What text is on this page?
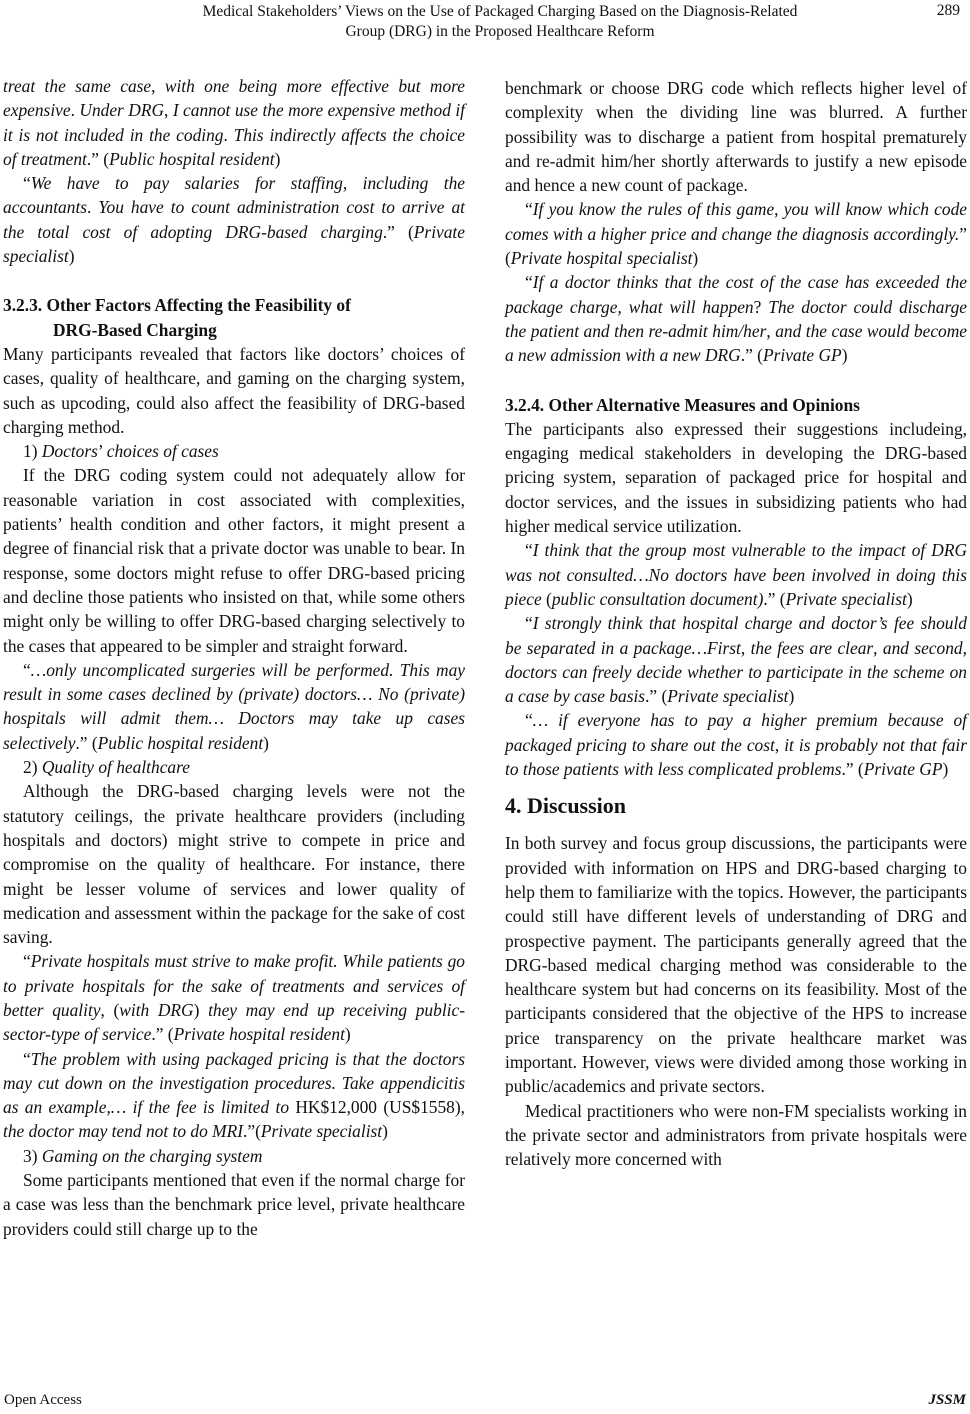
Medical Stakeholders’ Views on the Use of Packaged Charging Based on the Diagnosis-Related
Group (DRG) in the Proposed Healthcare Reform
289

treat the same case, with one being more effective but more expensive. Under DRG, I cannot use the more expensive method if it is not included in the coding. This indirectly affects the choice of treatment.” (Public hospital resident)

“We have to pay salaries for staffing, including the accountants. You have to count administration cost to arrive at the total cost of adopting DRG-based charging.” (Private specialist)

3.2.3. Other Factors Affecting the Feasibility of
DRG-Based Charging

Many participants revealed that factors like doctors’ choices of cases, quality of healthcare, and gaming on the charging system, such as upcoding, could also affect the feasibility of DRG-based charging method.

1) Doctors’ choices of cases

If the DRG coding system could not adequately allow for reasonable variation in cost associated with complexities, patients’ health condition and other factors, it might present a degree of financial risk that a private doctor was unable to bear. In response, some doctors might refuse to offer DRG-based pricing and decline those patients who insisted on that, while some others might only be willing to offer DRG-based charging selectively to the cases that appeared to be simpler and straight forward.

“…only uncomplicated surgeries will be performed. This may result in some cases declined by (private) doctors… No (private) hospitals will admit them… Doctors may take up cases selectively.” (Public hospital resident)

2) Quality of healthcare

Although the DRG-based charging levels were not the statutory ceilings, the private healthcare providers (including hospitals and doctors) might strive to compete in price and compromise on the quality of healthcare. For instance, there might be lesser volume of services and lower quality of medication and assessment within the package for the sake of cost saving.

“Private hospitals must strive to make profit. While patients go to private hospitals for the sake of treatments and services of better quality, (with DRG) they may end up receiving public-sector-type of service.” (Private hospital resident)

“The problem with using packaged pricing is that the doctors may cut down on the investigation procedures. Take appendicitis as an example,… if the fee is limited to HK$12,000 (US$1558), the doctor may tend not to do MRI.”(Private specialist)

3) Gaming on the charging system

Some participants mentioned that even if the normal charge for a case was less than the benchmark price level, private healthcare providers could still charge up to the

benchmark or choose DRG code which reflects higher level of complexity when the dividing line was blurred. A further possibility was to discharge a patient from hospital prematurely and re-admit him/her shortly afterwards to justify a new episode and hence a new count of package.

“If you know the rules of this game, you will know which code comes with a higher price and change the diagnosis accordingly.” (Private hospital specialist)

“If a doctor thinks that the cost of the case has exceeded the package charge, what will happen? The doctor could discharge the patient and then re-admit him/her, and the case would become a new admission with a new DRG.” (Private GP)

3.2.4. Other Alternative Measures and Opinions

The participants also expressed their suggestions includeing, engaging medical stakeholders in developing the DRG-based pricing system, separation of packaged price for hospital and doctor services, and the issues in subsidizing patients who had higher medical service utilization.

“I think that the group most vulnerable to the impact of DRG was not consulted…No doctors have been involved in doing this piece (public consultation document).” (Private specialist)

“I strongly think that hospital charge and doctor’s fee should be separated in a package…First, the fees are clear, and second, doctors can freely decide whether to participate in the scheme on a case by case basis.” (Private specialist)

“… if everyone has to pay a higher premium because of packaged pricing to share out the cost, it is probably not that fair to those patients with less complicated problems.” (Private GP)

4. Discussion

In both survey and focus group discussions, the participants were provided with information on HPS and DRG-based charging to help them to familiarize with the topics. However, the participants could still have different levels of understanding of DRG and prospective payment. The participants generally agreed that the DRG-based medical charging method was considerable to the healthcare system but had concerns on its feasibility. Most of the participants considered that the objective of the HPS to increase price transparency on the private healthcare market was important. However, views were divided among those working in public/academics and private sectors.

Medical practitioners who were non-FM specialists working in the private sector and administrators from private hospitals were relatively more concerned with

Open Access	JSSM
